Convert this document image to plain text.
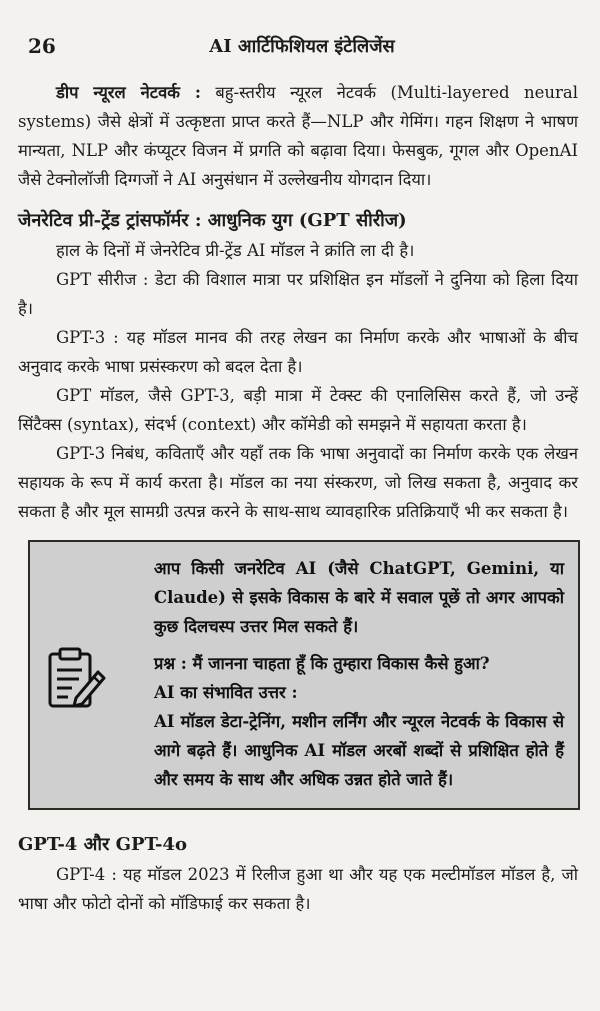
26	AI आर्टिफिशियल इंटेलिजेंस

डीप न्यूरल नेटवर्क : बहु-स्तरीय न्यूरल नेटवर्क (Multi-layered neural systems) जैसे क्षेत्रों में उत्कृष्टता प्राप्त करते हैं—NLP और गेमिंग। गहन शिक्षण ने भाषण मान्यता, NLP और कंप्यूटर विजन में प्रगति को बढ़ावा दिया। फेसबुक, गूगल और OpenAI जैसे टेक्नोलॉजी दिग्गजों ने AI अनुसंधान में उल्लेखनीय योगदान दिया।

जेनरेटिव प्री-ट्रेंड ट्रांसफॉर्मर : आधुनिक युग (GPT सीरीज)

हाल के दिनों में जेनरेटिव प्री-ट्रेंड AI मॉडल ने क्रांति ला दी है।

GPT सीरीज : डेटा की विशाल मात्रा पर प्रशिक्षित इन मॉडलों ने दुनिया को हिला दिया है।

GPT-3 : यह मॉडल मानव की तरह लेखन का निर्माण करके और भाषाओं के बीच अनुवाद करके भाषा प्रसंस्करण को बदल देता है।

GPT मॉडल, जैसे GPT-3, बड़ी मात्रा में टेक्स्ट की एनालिसिस करते हैं, जो उन्हें सिंटैक्स (syntax), संदर्भ (context) और कॉमेडी को समझने में सहायता करता है।

GPT-3 निबंध, कविताएँ और यहाँ तक कि भाषा अनुवादों का निर्माण करके एक लेखन सहायक के रूप में कार्य करता है। मॉडल का नया संस्करण, जो लिख सकता है, अनुवाद कर सकता है और मूल सामग्री उत्पन्न करने के साथ-साथ व्यावहारिक प्रतिक्रियाएँ भी कर सकता है।

आप किसी जनरेटिव AI (जैसे ChatGPT, Gemini, या Claude) से इसके विकास के बारे में सवाल पूछें तो अगर आपको कुछ दिलचस्प उत्तर मिल सकते हैं।

प्रश्न : मैं जानना चाहता हूँ कि तुम्हारा विकास कैसे हुआ?

AI का संभावित उत्तर :

AI मॉडल डेटा-ट्रेनिंग, मशीन लर्निंग और न्यूरल नेटवर्क के विकास से आगे बढ़ते हैं। आधुनिक AI मॉडल अरबों शब्दों से प्रशिक्षित होते हैं और समय के साथ और अधिक उन्नत होते जाते हैं।

GPT-4 और GPT-4o

GPT-4 : यह मॉडल 2023 में रिलीज हुआ था और यह एक मल्टीमॉडल मॉडल है, जो भाषा और फोटो दोनों को मॉडिफाई कर सकता है।
